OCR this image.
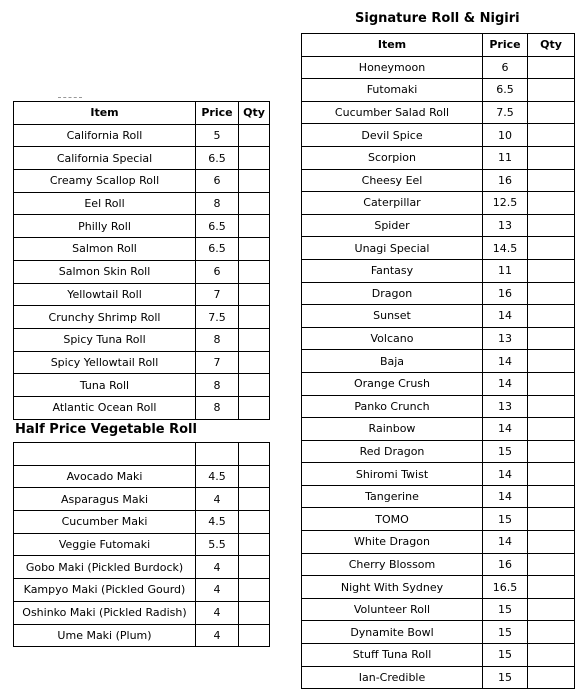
Signature Roll & Nigiri
Item	Price	Qty
Honeymoon	6	
Futomaki	6.5	
Cucumber Salad Roll	7.5	
Devil Spice	10	
Scorpion	11	
Cheesy Eel	16	
Caterpillar	12.5	
Spider	13	
Unagi Special	14.5	
Fantasy	11	
Dragon	16	
Sunset	14	
Volcano	13	
Baja	14	
Orange Crush	14	
Panko Crunch	13	
Rainbow	14	
Red Dragon	15	
Shiromi Twist	14	
Tangerine	14	
TOMO	15	
White Dragon	14	
Cherry Blossom	16	
Night With Sydney	16.5	
Volunteer Roll	15	
Dynamite Bowl	15	
Stuff Tuna Roll	15	
Ian-Credible	15	
Item	Price	Qty
California Roll	5	
California Special	6.5	
Creamy Scallop Roll	6	
Eel Roll	8	
Philly Roll	6.5	
Salmon Roll	6.5	
Salmon Skin Roll	6	
Yellowtail Roll	7	
Crunchy Shrimp Roll	7.5	
Spicy Tuna Roll	8	
Spicy Yellowtail Roll	7	
Tuna Roll	8	
Atlantic Ocean Roll	8	
Half Price Vegetable Roll

Avocado Maki	4.5	
Asparagus Maki	4	
Cucumber Maki	4.5	
Veggie Futomaki	5.5	
Gobo Maki (Pickled Burdock)	4	
Kampyo Maki (Pickled Gourd)	4	
Oshinko Maki (Pickled Radish)	4	
Ume Maki (Plum)	4	
